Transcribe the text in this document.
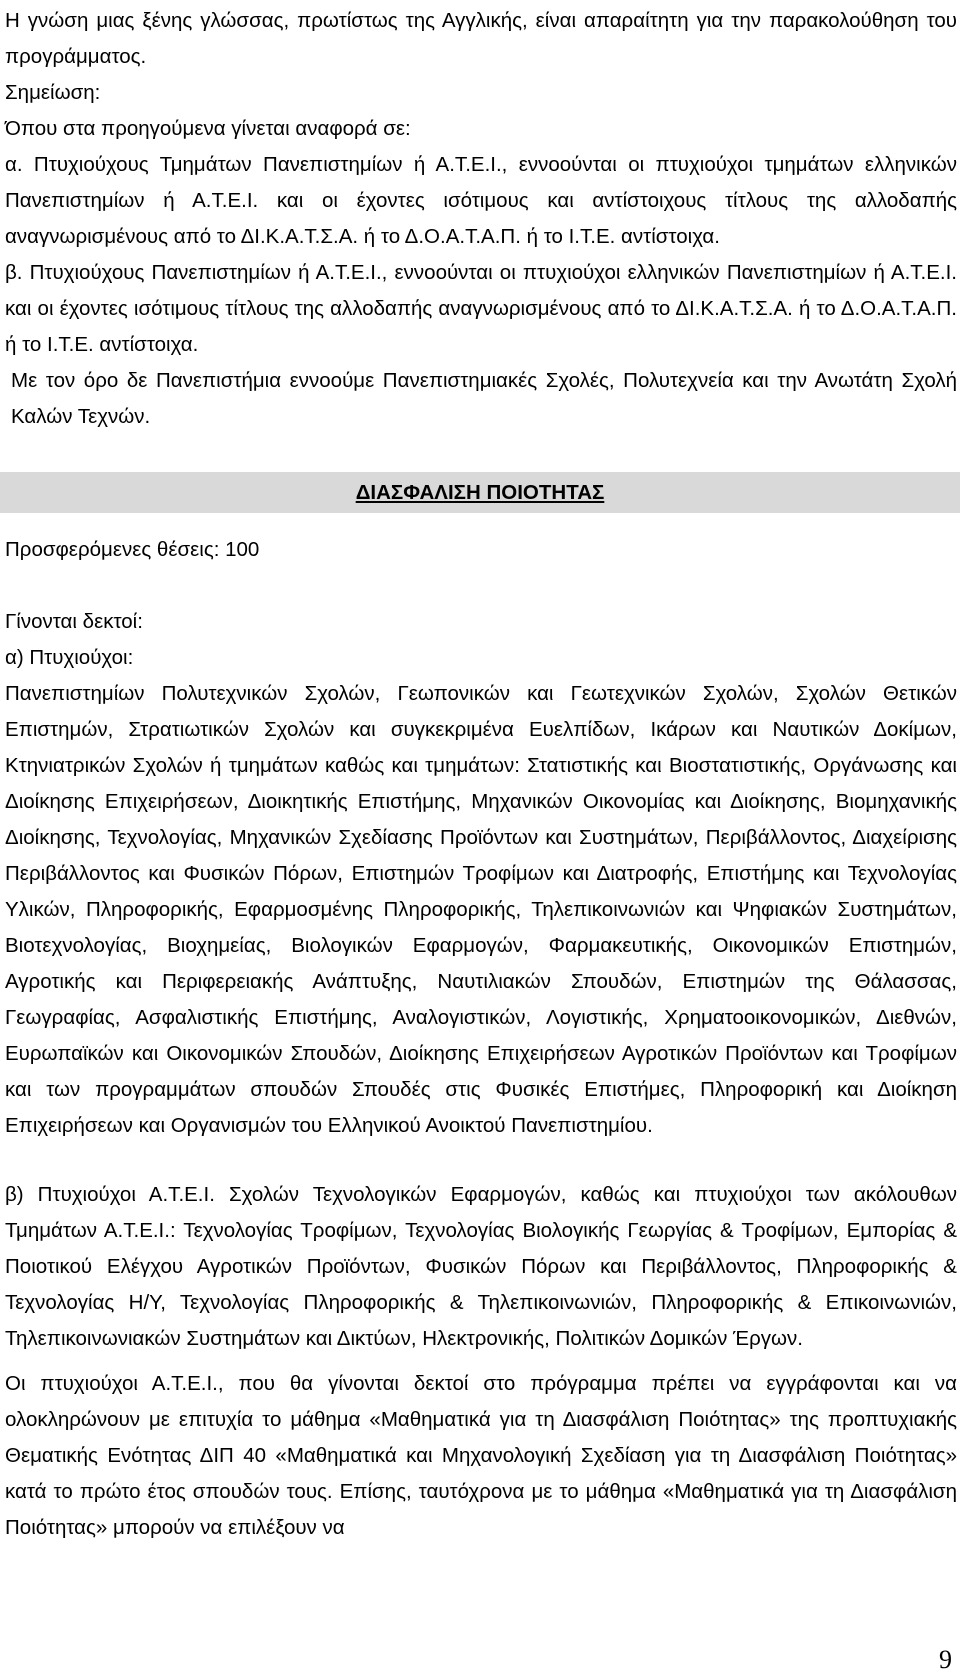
Η γνώση μιας ξένης γλώσσας, πρωτίστως της Αγγλικής, είναι απαραίτητη για την παρακολούθηση του προγράμματος.

Σημείωση:

Όπου στα προηγούμενα γίνεται αναφορά σε:

α. Πτυχιούχους Τμημάτων Πανεπιστημίων ή Α.Τ.Ε.Ι., εννοούνται οι πτυχιούχοι τμημάτων ελληνικών Πανεπιστημίων ή Α.Τ.Ε.Ι. και οι έχοντες ισότιμους και αντίστοιχους τίτλους της αλλοδαπής αναγνωρισμένους από το ΔΙ.Κ.Α.Τ.Σ.Α. ή το Δ.Ο.Α.Τ.Α.Π. ή το Ι.Τ.Ε. αντίστοιχα.

β. Πτυχιούχους Πανεπιστημίων ή Α.Τ.Ε.Ι., εννοούνται οι πτυχιούχοι ελληνικών Πανεπιστημίων ή Α.Τ.Ε.Ι. και οι έχοντες ισότιμους τίτλους της αλλοδαπής αναγνωρισμένους από το ΔΙ.Κ.Α.Τ.Σ.Α. ή το Δ.Ο.Α.Τ.Α.Π. ή το Ι.Τ.Ε. αντίστοιχα.

Με τον όρο δε Πανεπιστήμια εννοούμε Πανεπιστημιακές Σχολές, Πολυτεχνεία και την Ανωτάτη Σχολή Καλών Τεχνών.

ΔΙΑΣΦΑΛΙΣΗ ΠΟΙΟΤΗΤΑΣ

Προσφερόμενες θέσεις: 100

Γίνονται δεκτοί:

α) Πτυχιούχοι:

Πανεπιστημίων Πολυτεχνικών Σχολών, Γεωπονικών και Γεωτεχνικών Σχολών, Σχολών Θετικών Επιστημών, Στρατιωτικών Σχολών και συγκεκριμένα Ευελπίδων, Ικάρων και Ναυτικών Δοκίμων, Κτηνιατρικών Σχολών ή τμημάτων καθώς και τμημάτων: Στατιστικής και Βιοστατιστικής, Οργάνωσης και Διοίκησης Επιχειρήσεων, Διοικητικής Επιστήμης, Μηχανικών Οικονομίας και Διοίκησης, Βιομηχανικής Διοίκησης, Τεχνολογίας, Μηχανικών Σχεδίασης Προϊόντων και Συστημάτων, Περιβάλλοντος, Διαχείρισης Περιβάλλοντος και Φυσικών Πόρων, Επιστημών Τροφίμων και Διατροφής, Επιστήμης και Τεχνολογίας Υλικών, Πληροφορικής, Εφαρμοσμένης Πληροφορικής, Τηλεπικοινωνιών και Ψηφιακών Συστημάτων, Βιοτεχνολογίας, Βιοχημείας, Βιολογικών Εφαρμογών, Φαρμακευτικής, Οικονομικών Επιστημών, Αγροτικής και Περιφερειακής Ανάπτυξης, Ναυτιλιακών Σπουδών, Επιστημών της Θάλασσας, Γεωγραφίας, Ασφαλιστικής Επιστήμης, Αναλογιστικών, Λογιστικής, Χρηματοοικονομικών, Διεθνών, Ευρωπαϊκών και Οικονομικών Σπουδών, Διοίκησης Επιχειρήσεων Αγροτικών Προϊόντων και Τροφίμων και των προγραμμάτων σπουδών Σπουδές στις Φυσικές Επιστήμες, Πληροφορική και Διοίκηση Επιχειρήσεων και Οργανισμών του Ελληνικού Ανοικτού Πανεπιστημίου.

β) Πτυχιούχοι Α.Τ.Ε.Ι. Σχολών Τεχνολογικών Εφαρμογών, καθώς και πτυχιούχοι των ακόλουθων Τμημάτων Α.Τ.Ε.Ι.: Τεχνολογίας Τροφίμων, Τεχνολογίας Βιολογικής Γεωργίας & Τροφίμων, Εμπορίας & Ποιοτικού Ελέγχου Αγροτικών Προϊόντων, Φυσικών Πόρων και Περιβάλλοντος, Πληροφορικής & Τεχνολογίας Η/Υ, Τεχνολογίας Πληροφορικής & Τηλεπικοινωνιών, Πληροφορικής & Επικοινωνιών, Τηλεπικοινωνιακών Συστημάτων και Δικτύων, Ηλεκτρονικής, Πολιτικών Δομικών Έργων.

Οι πτυχιούχοι Α.Τ.Ε.Ι., που θα γίνονται δεκτοί στο πρόγραμμα πρέπει να εγγράφονται και να ολοκληρώνουν με επιτυχία το μάθημα «Μαθηματικά για τη Διασφάλιση Ποιότητας» της προπτυχιακής Θεματικής Ενότητας ΔΙΠ 40 «Μαθηματικά και Μηχανολογική Σχεδίαση για τη Διασφάλιση Ποιότητας» κατά το πρώτο έτος σπουδών τους. Επίσης, ταυτόχρονα με το μάθημα «Μαθηματικά για τη Διασφάλιση Ποιότητας» μπορούν να επιλέξουν να

9
